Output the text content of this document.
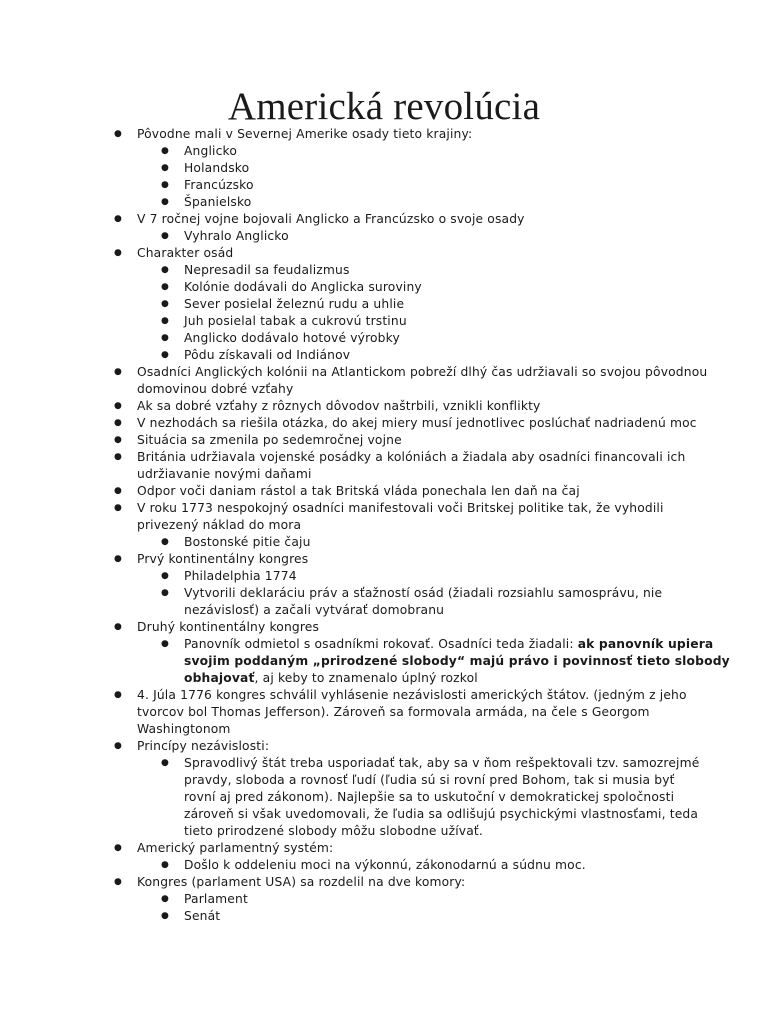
Americká revolúcia
● Pôvodne mali v Severnej Amerike osady tieto krajiny:
● Anglicko
● Holandsko
● Francúzsko
● Španielsko
● V 7 ročnej vojne bojovali Anglicko a Francúzsko o svoje osady
● Vyhralo Anglicko
● Charakter osád
● Nepresadil sa feudalizmus
● Kolónie dodávali do Anglicka suroviny
● Sever posielal železnú rudu a uhlie
● Juh posielal tabak a cukrovú trstinu
● Anglicko dodávalo hotové výrobky
● Pôdu získavali od Indiánov
● Osadníci Anglických kolónii na Atlantickom pobreží dlhý čas udržiavali so svojou pôvodnou
domovinou dobré vzťahy
● Ak sa dobré vzťahy z rôznych dôvodov naštrbili, vznikli konflikty
● V nezhodách sa riešila otázka, do akej miery musí jednotlivec poslúchať nadriadenú moc
● Situácia sa zmenila po sedemročnej vojne
● Británia udržiavala vojenské posádky a kolóniách a žiadala aby osadníci financovali ich
udržiavanie novými daňami
● Odpor voči daniam rástol a tak Britská vláda ponechala len daň na čaj
● V roku 1773 nespokojný osadníci manifestovali voči Britskej politike tak, že vyhodili
privezený náklad do mora
● Bostonské pitie čaju
● Prvý kontinentálny kongres
● Philadelphia 1774
● Vytvorili deklaráciu práv a sťažností osád (žiadali rozsiahlu samosprávu, nie
nezávislosť) a začali vytvárať domobranu
● Druhý kontinentálny kongres
● Panovník odmietol s osadníkmi rokovať. Osadníci teda žiadali: ak panovník upiera
svojim poddaným „prirodzené slobody“ majú právo i povinnosť tieto slobody
obhajovať, aj keby to znamenalo úplný rozkol
● 4. Júla 1776 kongres schválil vyhlásenie nezávislosti amerických štátov. (jedným z jeho
tvorcov bol Thomas Jefferson). Zároveň sa formovala armáda, na čele s Georgom
Washingtonom
● Princípy nezávislosti:
● Spravodlivý štát treba usporiadať tak, aby sa v ňom rešpektovali tzv. samozrejmé
pravdy, sloboda a rovnosť ľudí (ľudia sú si rovní pred Bohom, tak si musia byť
rovní aj pred zákonom). Najlepšie sa to uskutoční v demokratickej spoločnosti
zároveň si však uvedomovali, že ľudia sa odlišujú psychickými vlastnosťami, teda
tieto prirodzené slobody môžu slobodne užívať.
● Americký parlamentný systém:
● Došlo k oddeleniu moci na výkonnú, zákonodarnú a súdnu moc.
● Kongres (parlament USA) sa rozdelil na dve komory:
● Parlament
● Senát
